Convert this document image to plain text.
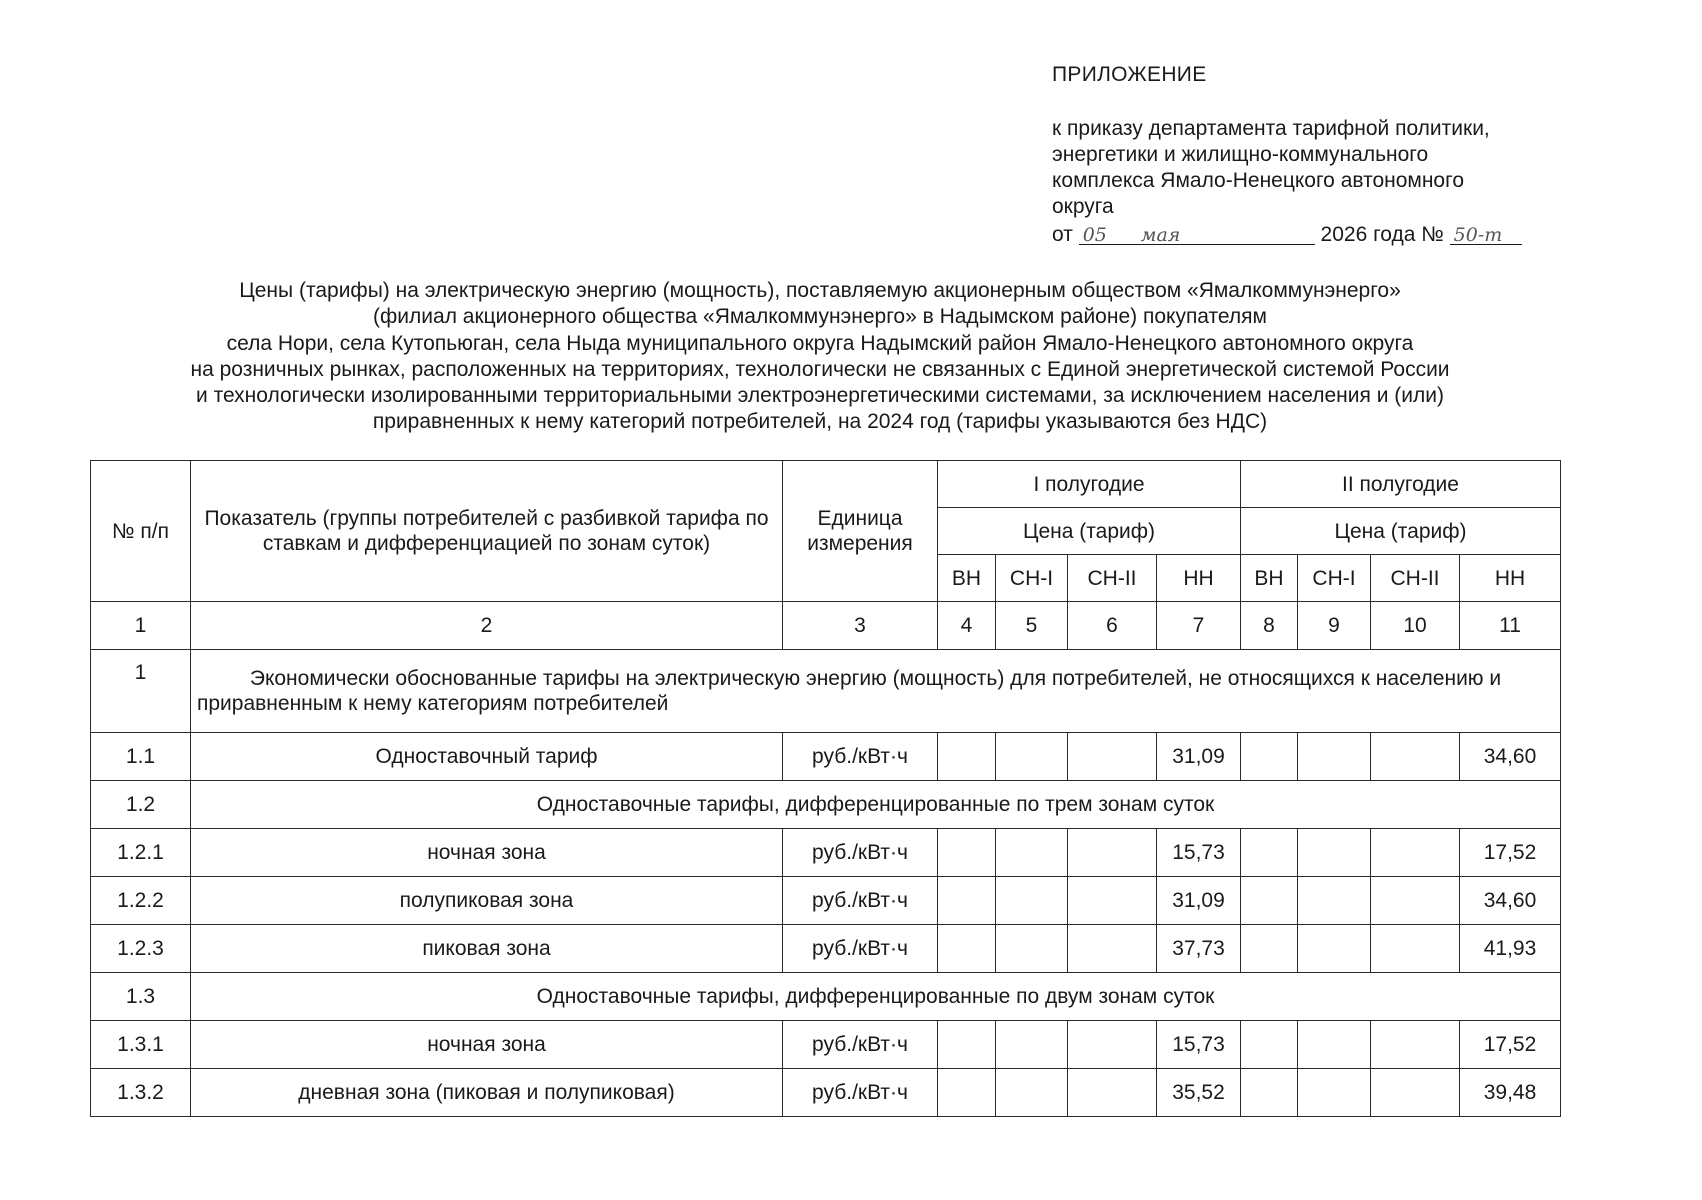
ПРИЛОЖЕНИЕ
к приказу департамента тарифной политики,
энергетики и жилищно-коммунального
комплекса Ямало-Ненецкого автономного
округа
от 05 мая	2026 года № 50-т
Цены (тарифы) на электрическую энергию (мощность), поставляемую акционерным обществом «Ямалкоммунэнерго»
(филиал акционерного общества «Ямалкоммунэнерго» в Надымском районе) покупателям
села Нори, села Кутопьюган, села Ныда муниципального округа Надымский район Ямало-Ненецкого автономного округа
на розничных рынках, расположенных на территориях, технологически не связанных с Единой энергетической системой России
и технологически изолированными территориальными электроэнергетическими системами, за исключением населения и (или)
приравненных к нему категорий потребителей, на 2024 год (тарифы указываются без НДС)
№ п/п	Показатель (группы потребителей с разбивкой тарифа по ставкам и дифференциацией по зонам суток)	Единица измерения	I полугодие				II полугодие			
			Цена (тариф)				Цена (тариф)			
			ВН	СН-I	СН-II	НН	ВН	СН-I	СН-II	НН
1	2	3	4	5	6	7	8	9	10	11
1	Экономически обоснованные тарифы на электрическую энергию (мощность) для потребителей, не относящихся к населению и приравненным к нему категориям потребителей									
1.1	Одноставочный тариф	руб./кВт·ч				31,09				34,60
1.2	Одноставочные тарифы, дифференцированные по трем зонам суток									
1.2.1	ночная зона	руб./кВт·ч				15,73				17,52
1.2.2	полупиковая зона	руб./кВт·ч				31,09				34,60
1.2.3	пиковая зона	руб./кВт·ч				37,73				41,93
1.3	Одноставочные тарифы, дифференцированные по двум зонам суток									
1.3.1	ночная зона	руб./кВт·ч				15,73				17,52
1.3.2	дневная зона (пиковая и полупиковая)	руб./кВт·ч				35,52				39,48
